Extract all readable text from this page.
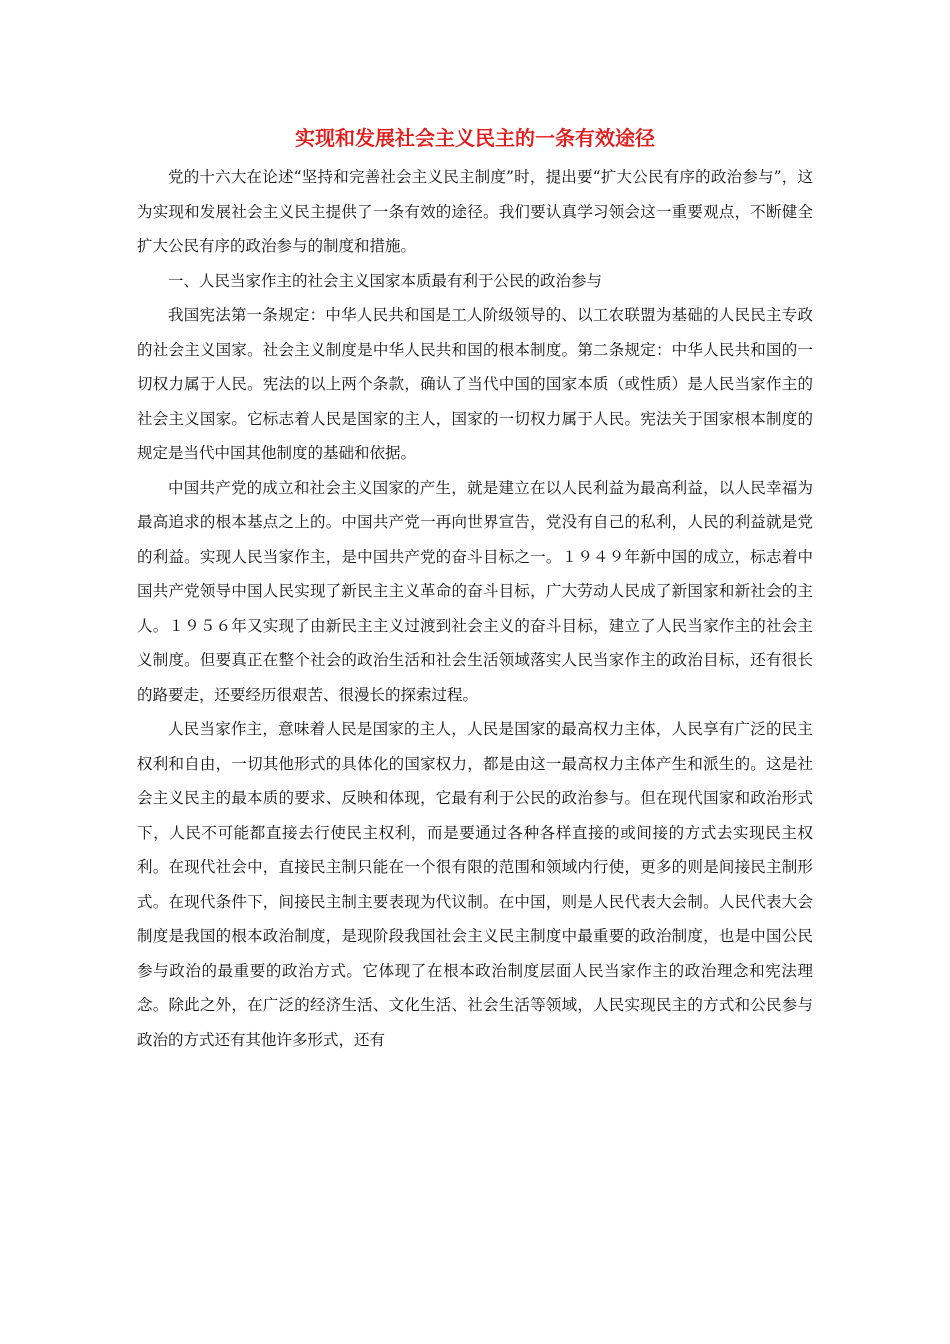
实现和发展社会主义民主的一条有效途径

党的十六大在论述“坚持和完善社会主义民主制度”时，提出要“扩大公民有序的政治参与”，这为实现和发展社会主义民主提供了一条有效的途径。我们要认真学习领会这一重要观点，不断健全扩大公民有序的政治参与的制度和措施。

一、人民当家作主的社会主义国家本质最有利于公民的政治参与

我国宪法第一条规定：中华人民共和国是工人阶级领导的、以工农联盟为基础的人民民主专政的社会主义国家。社会主义制度是中华人民共和国的根本制度。第二条规定：中华人民共和国的一切权力属于人民。宪法的以上两个条款，确认了当代中国的国家本质（或性质）是人民当家作主的社会主义国家。它标志着人民是国家的主人，国家的一切权力属于人民。宪法关于国家根本制度的规定是当代中国其他制度的基础和依据。

中国共产党的成立和社会主义国家的产生，就是建立在以人民利益为最高利益，以人民幸福为最高追求的根本基点之上的。中国共产党一再向世界宣告，党没有自己的私利，人民的利益就是党的利益。实现人民当家作主，是中国共产党的奋斗目标之一。１９４９年新中国的成立，标志着中国共产党领导中国人民实现了新民主主义革命的奋斗目标，广大劳动人民成了新国家和新社会的主人。１９５６年又实现了由新民主主义过渡到社会主义的奋斗目标，建立了人民当家作主的社会主义制度。但要真正在整个社会的政治生活和社会生活领域落实人民当家作主的政治目标，还有很长的路要走，还要经历很艰苦、很漫长的探索过程。

人民当家作主，意味着人民是国家的主人，人民是国家的最高权力主体，人民享有广泛的民主权利和自由，一切其他形式的具体化的国家权力，都是由这一最高权力主体产生和派生的。这是社会主义民主的最本质的要求、反映和体现，它最有利于公民的政治参与。但在现代国家和政治形式下，人民不可能都直接去行使民主权利，而是要通过各种各样直接的或间接的方式去实现民主权利。在现代社会中，直接民主制只能在一个很有限的范围和领域内行使，更多的则是间接民主制形式。在现代条件下，间接民主制主要表现为代议制。在中国，则是人民代表大会制。人民代表大会制度是我国的根本政治制度，是现阶段我国社会主义民主制度中最重要的政治制度，也是中国公民参与政治的最重要的政治方式。它体现了在根本政治制度层面人民当家作主的政治理念和宪法理念。除此之外，在广泛的经济生活、文化生活、社会生活等领域，人民实现民主的方式和公民参与政治的方式还有其他许多形式，还有
